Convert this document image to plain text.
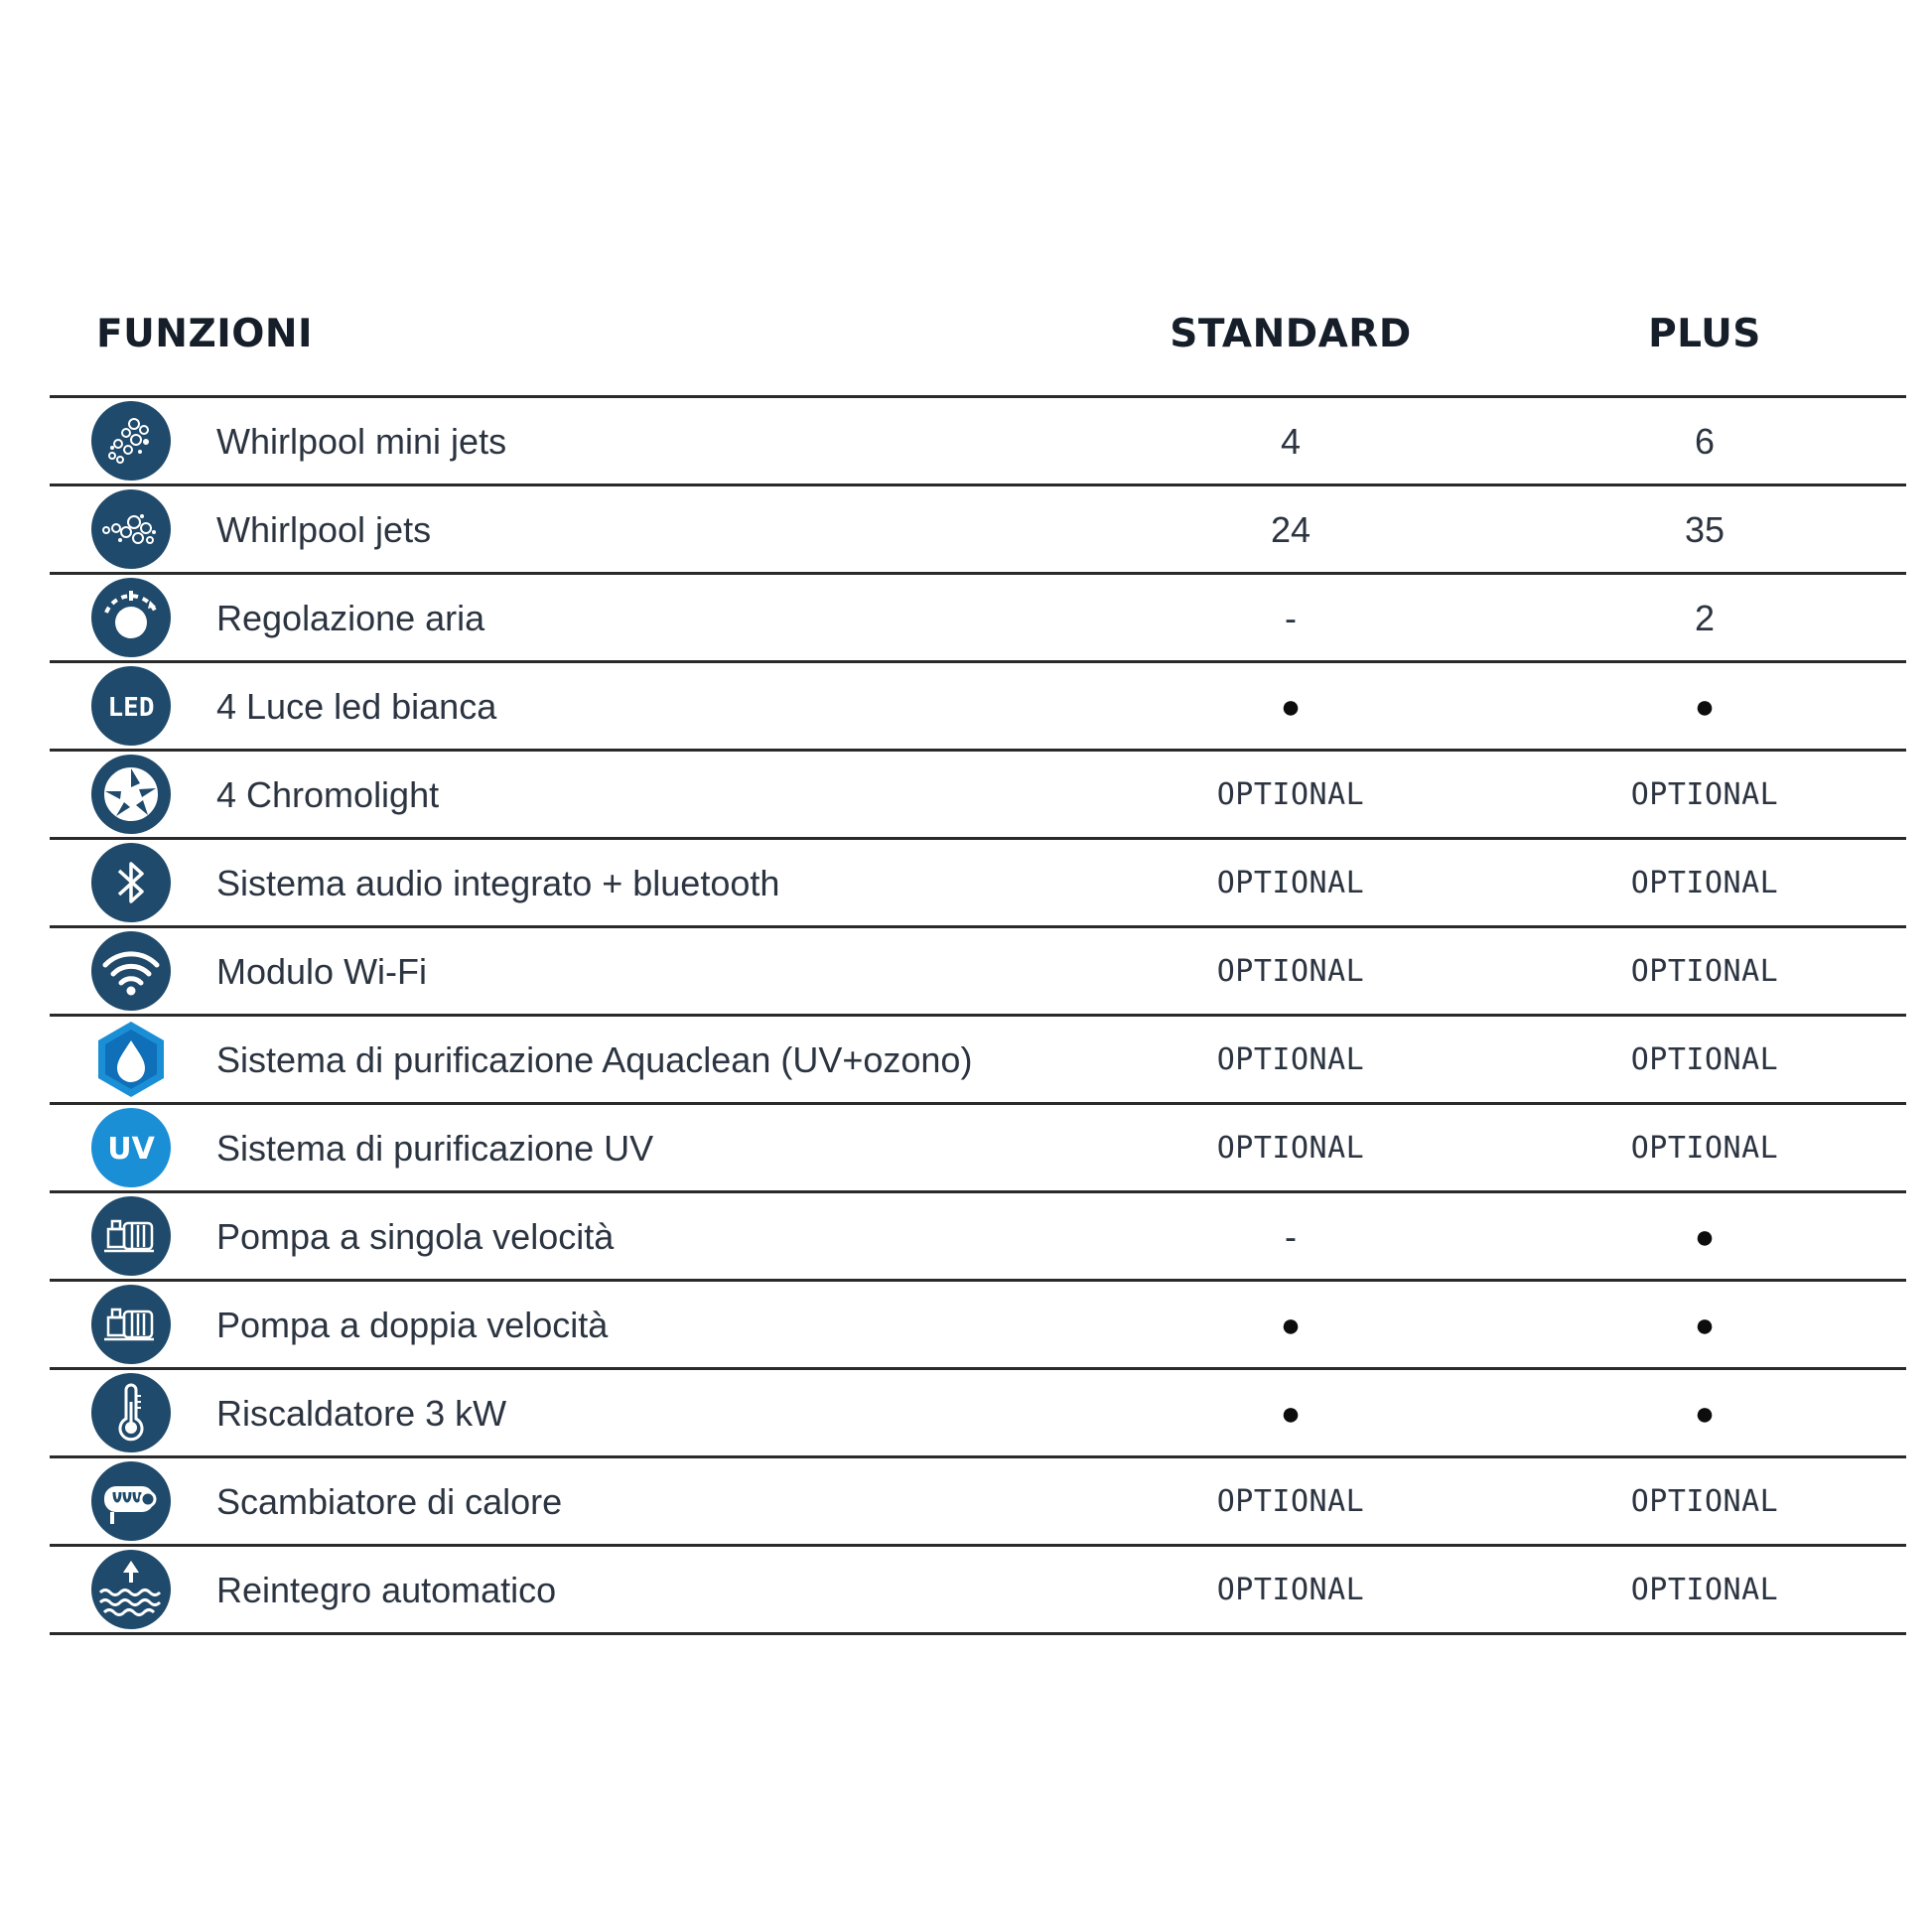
FUNZIONI	STANDARD	PLUS
Whirlpool mini jets	4	6
Whirlpool jets	24	35
Regolazione aria	-	2
LED 4 Luce led bianca	●	●
4 Chromolight	OPTIONAL	OPTIONAL
Sistema audio integrato + bluetooth	OPTIONAL	OPTIONAL
Modulo Wi-Fi	OPTIONAL	OPTIONAL
Sistema di purificazione Aquaclean (UV+ozono)	OPTIONAL	OPTIONAL
UV Sistema di purificazione UV	OPTIONAL	OPTIONAL
Pompa a singola velocità	-	●
Pompa a doppia velocità	●	●
Riscaldatore 3 kW	●	●
Scambiatore di calore	OPTIONAL	OPTIONAL
Reintegro automatico	OPTIONAL	OPTIONAL
